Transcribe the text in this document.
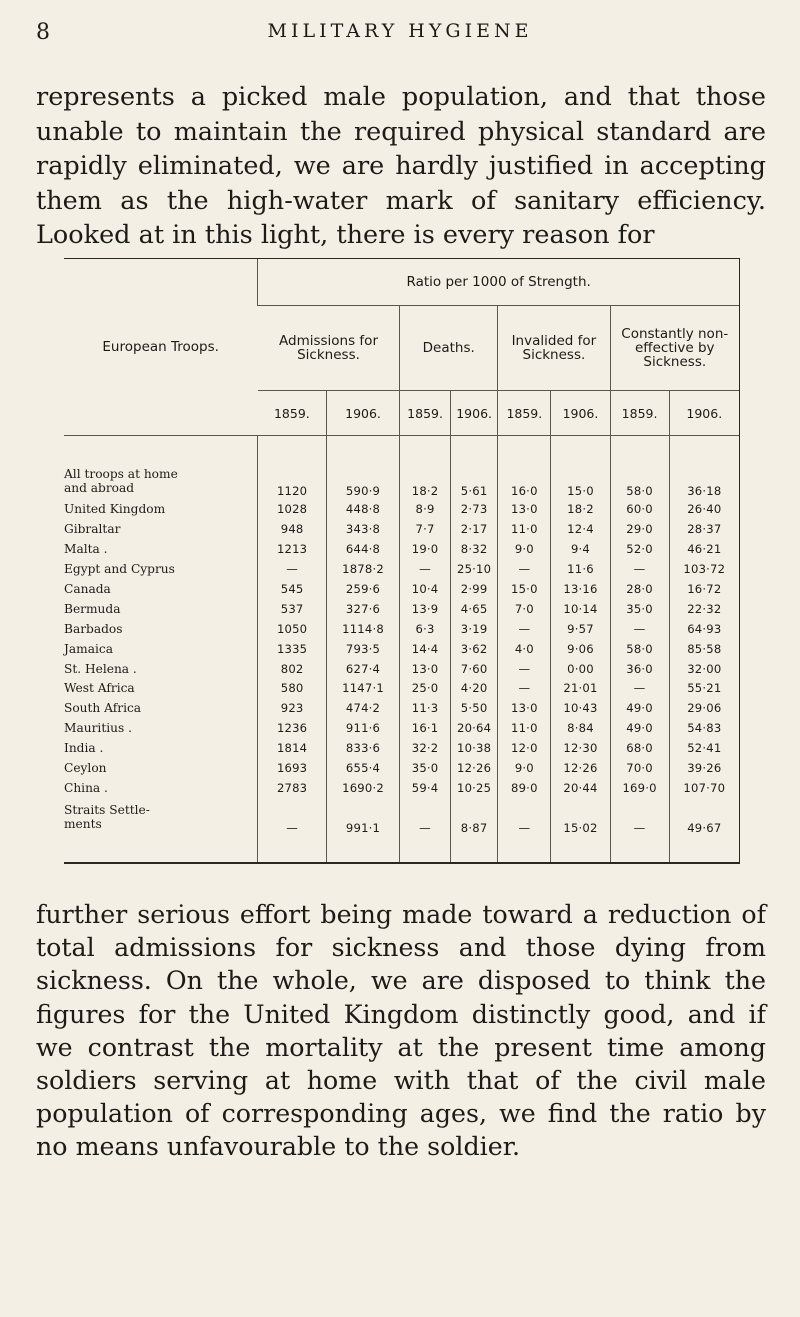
8	MILITARY HYGIENE

represents a picked male population, and that those unable to maintain the required physical standard are rapidly eliminated, we are hardly justified in accepting them as the high-water mark of sanitary efficiency. Looked at in this light, there is every reason for

European Troops.	Ratio per 1000 of Strength.							
	Admissions for Sickness.		Deaths.		Invalided for Sickness.		Constantly non-effective by Sickness.	
	1859.	1906.	1859.	1906.	1859.	1906.	1859.	1906.

All troops at home
and abroad	1120	590·9	18·2	5·61	16·0	15·0	58·0	36·18
United Kingdom	1028	448·8	8·9	2·73	13·0	18·2	60·0	26·40
Gibraltar	948	343·8	7·7	2·17	11·0	12·4	29·0	28·37
Malta .	1213	644·8	19·0	8·32	9·0	9·4	52·0	46·21
Egypt and Cyprus	—	1878·2	—	25·10	—	11·6	—	103·72
Canada	545	259·6	10·4	2·99	15·0	13·16	28·0	16·72
Bermuda	537	327·6	13·9	4·65	7·0	10·14	35·0	22·32
Barbados	1050	1114·8	6·3	3·19	—	9·57	—	64·93
Jamaica	1335	793·5	14·4	3·62	4·0	9·06	58·0	85·58
St. Helena .	802	627·4	13·0	7·60	—	0·00	36·0	32·00
West Africa	580	1147·1	25·0	4·20	—	21·01	—	55·21
South Africa	923	474·2	11·3	5·50	13·0	10·43	49·0	29·06
Mauritius .	1236	911·6	16·1	20·64	11·0	8·84	49·0	54·83
India .	1814	833·6	32·2	10·38	12·0	12·30	68·0	52·41
Ceylon	1693	655·4	35·0	12·26	9·0	12·26	70·0	39·26
China .	2783	1690·2	59·4	10·25	89·0	20·44	169·0	107·70
Straits Settle-
ments	—	991·1	—	8·87	—	15·02	—	49·67

further serious effort being made toward a reduction of total admissions for sickness and those dying from sickness. On the whole, we are disposed to think the figures for the United Kingdom distinctly good, and if we contrast the mortality at the present time among soldiers serving at home with that of the civil male population of corresponding ages, we find the ratio by no means unfavourable to the soldier.
